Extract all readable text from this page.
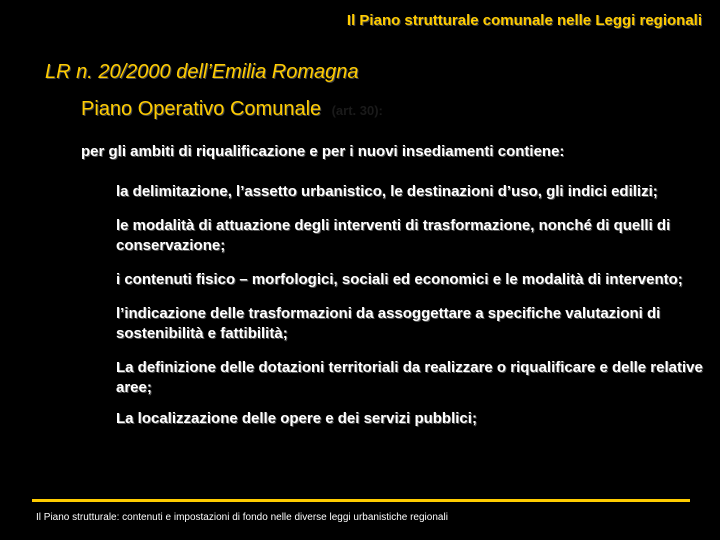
Il Piano strutturale comunale nelle Leggi regionali
LR n. 20/2000 dell’Emilia Romagna
Piano Operativo Comunale (art. 30):
per gli ambiti di riqualificazione e per i nuovi insediamenti contiene:
la delimitazione, l’assetto urbanistico, le destinazioni d’uso, gli indici edilizi;
le modalità di attuazione degli interventi di trasformazione, nonché di quelli di conservazione;
i contenuti fisico – morfologici, sociali ed economici e le modalità di intervento;
l’indicazione delle trasformazioni da assoggettare a specifiche valutazioni di sostenibilità e fattibilità;
La definizione delle dotazioni territoriali da realizzare o riqualificare e delle relative aree;
La localizzazione delle opere e dei servizi pubblici;
Il Piano strutturale: contenuti e impostazioni di fondo nelle diverse leggi urbanistiche regionali
